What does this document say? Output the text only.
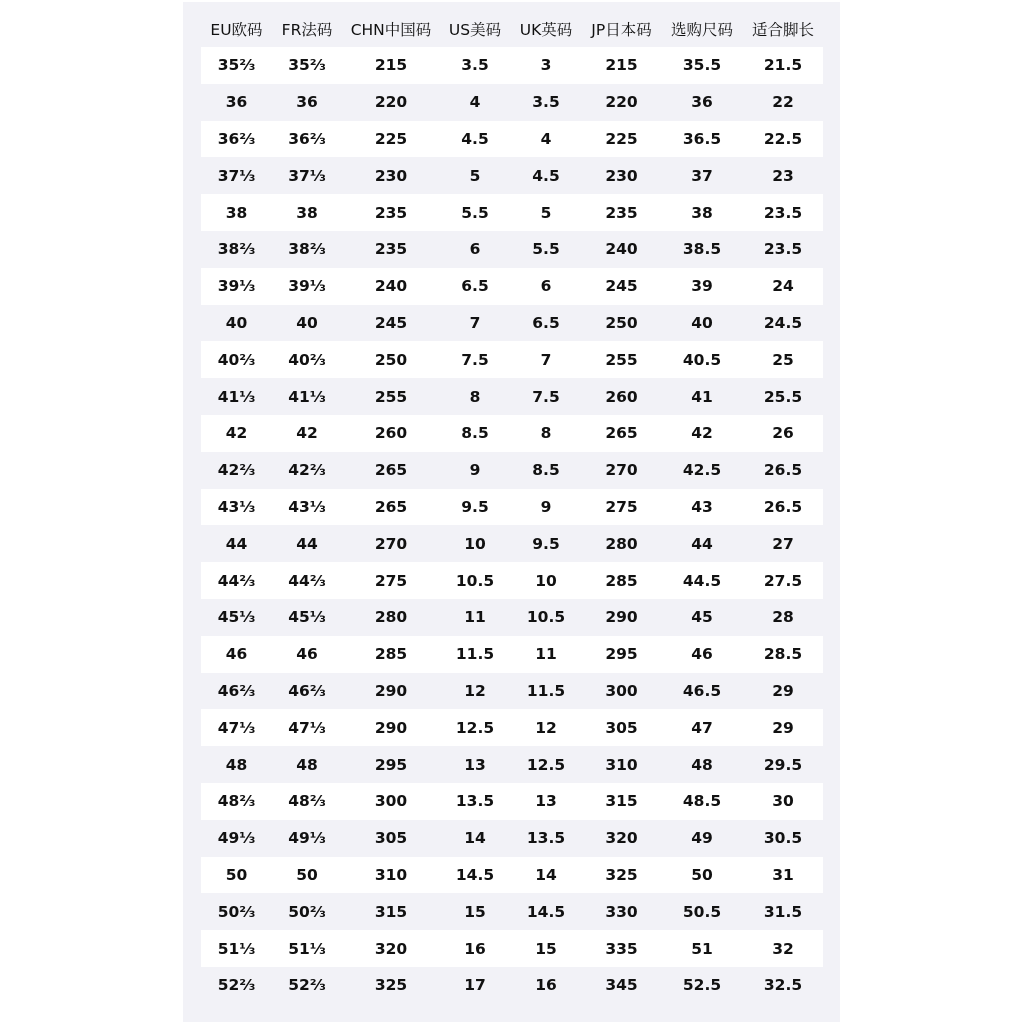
EU欧码	FR法码	CHN中国码	US美码	UK英码	JP日本码	选购尺码	适合脚长
35⅔	35⅔	215	3.5	3	215	35.5	21.5
36	36	220	4	3.5	220	36	22
36⅔	36⅔	225	4.5	4	225	36.5	22.5
37⅓	37⅓	230	5	4.5	230	37	23
38	38	235	5.5	5	235	38	23.5
38⅔	38⅔	235	6	5.5	240	38.5	23.5
39⅓	39⅓	240	6.5	6	245	39	24
40	40	245	7	6.5	250	40	24.5
40⅔	40⅔	250	7.5	7	255	40.5	25
41⅓	41⅓	255	8	7.5	260	41	25.5
42	42	260	8.5	8	265	42	26
42⅔	42⅔	265	9	8.5	270	42.5	26.5
43⅓	43⅓	265	9.5	9	275	43	26.5
44	44	270	10	9.5	280	44	27
44⅔	44⅔	275	10.5	10	285	44.5	27.5
45⅓	45⅓	280	11	10.5	290	45	28
46	46	285	11.5	11	295	46	28.5
46⅔	46⅔	290	12	11.5	300	46.5	29
47⅓	47⅓	290	12.5	12	305	47	29
48	48	295	13	12.5	310	48	29.5
48⅔	48⅔	300	13.5	13	315	48.5	30
49⅓	49⅓	305	14	13.5	320	49	30.5
50	50	310	14.5	14	325	50	31
50⅔	50⅔	315	15	14.5	330	50.5	31.5
51⅓	51⅓	320	16	15	335	51	32
52⅔	52⅔	325	17	16	345	52.5	32.5
